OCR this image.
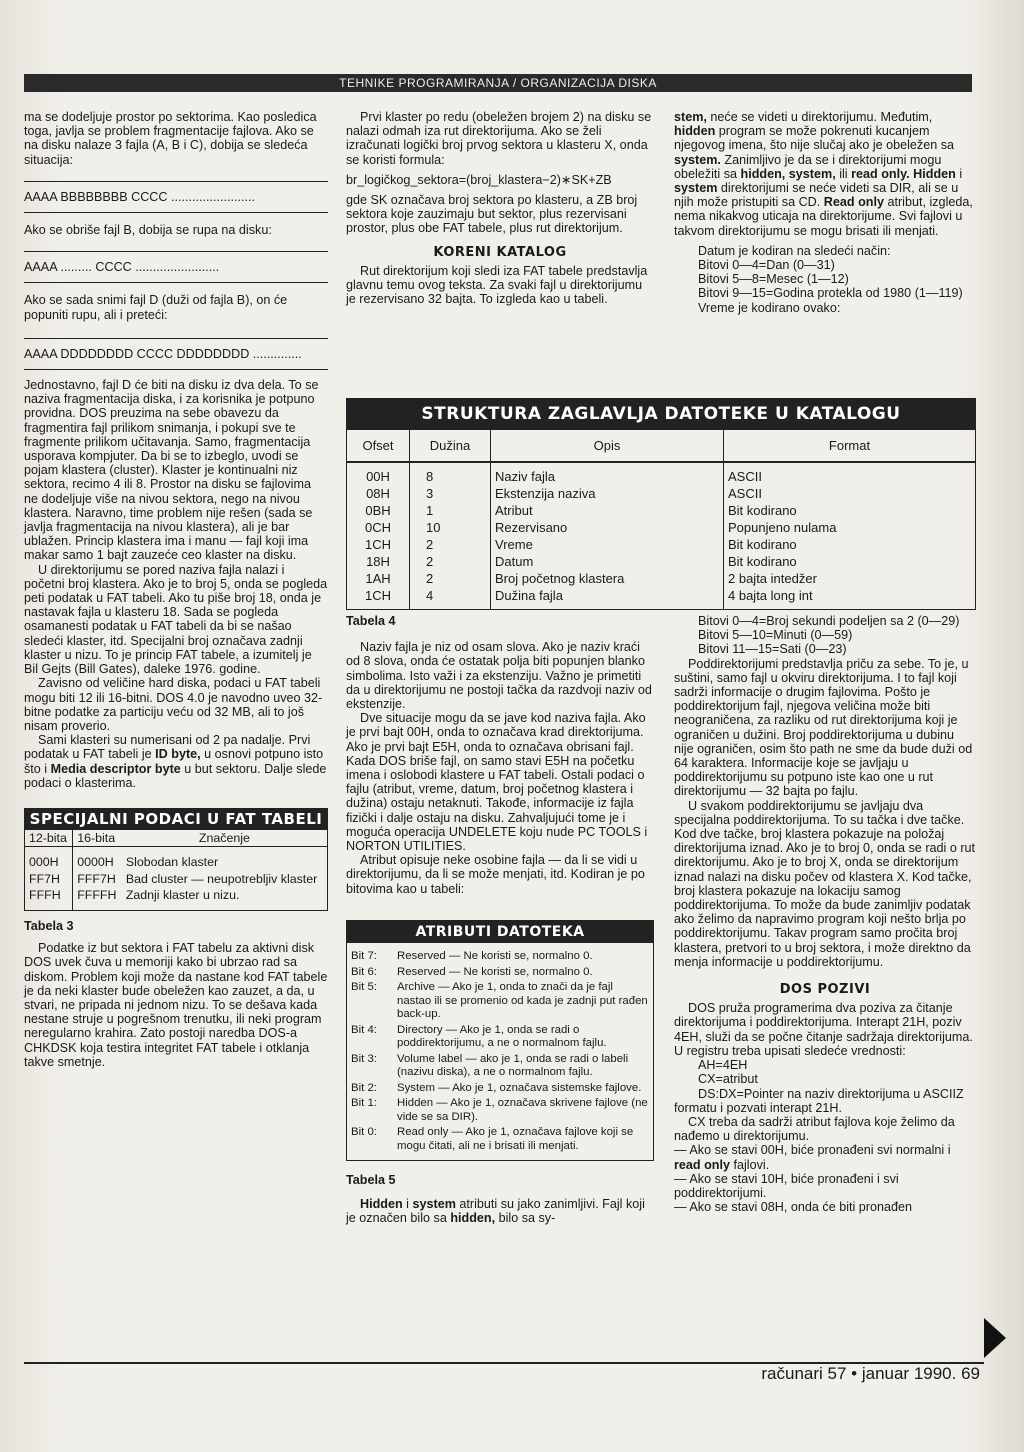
TEHNIKE PROGRAMIRANJA / ORGANIZACIJA DISKA

ma se dodeljuje prostor po sektorima. Kao posledica toga, javlja se problem fragmentacije fajlova. Ako se na disku nalaze 3 fajla (A, B i C), dobija se sledeća situacija:

AAAA BBBBBBBB CCCC ........................

Ako se obriše fajl B, dobija se rupa na disku:

AAAA ......... CCCC ........................

Ako se sada snimi fajl D (duži od fajla B), on će popuniti rupu, ali i preteći:

AAAA DDDDDDDD CCCC DDDDDDDD ..............

Jednostavno, fajl D će biti na disku iz dva dela. To se naziva fragmentacija diska, i za korisnika je potpuno providna. DOS preuzima na sebe obavezu da fragmentira fajl prilikom snimanja, i pokupi sve te fragmente prilikom učitavanja. Samo, fragmentacija usporava kompjuter. Da bi se to izbeglo, uvodi se pojam klastera (cluster). Klaster je kontinualni niz sektora, recimo 4 ili 8. Prostor na disku se fajlovima ne dodeljuje više na nivou sektora, nego na nivou klastera. Naravno, time problem nije rešen (sada se javlja fragmentacija na nivou klastera), ali je bar ublažen. Princip klastera ima i manu — fajl koji ima makar samo 1 bajt zauzeće ceo klaster na disku.

U direktorijumu se pored naziva fajla nalazi i početni broj klastera. Ako je to broj 5, onda se pogleda peti podatak u FAT tabeli. Ako tu piše broj 18, onda je nastavak fajla u klasteru 18. Sada se pogleda osamanesti podatak u FAT tabeli da bi se našao sledeći klaster, itd. Specijalni broj označava zadnji klaster u nizu. To je princip FAT tabele, a izumitelj je Bil Gejts (Bill Gates), daleke 1976. godine.

Zavisno od veličine hard diska, podaci u FAT tabeli mogu biti 12 ili 16-bitni. DOS 4.0 je navodno uveo 32-bitne podatke za particiju veću od 32 MB, ali to još nisam proverio.

Sami klasteri su numerisani od 2 pa nadalje. Prvi podatak u FAT tabeli je ID byte, u osnovi potpuno isto što i Media descriptor byte u but sektoru. Dalje slede podaci o klasterima.

SPECIJALNI PODACI U FAT TABELI
12-bita	16-bita	Značenje
000H	0000H	Slobodan klaster
FF7H	FFF7H	Bad cluster — neupotrebljiv klaster
FFFH	FFFFH	Zadnji klaster u nizu.
Tabela 3

Podatke iz but sektora i FAT tabelu za aktivni disk DOS uvek čuva u memoriji kako bi ubrzao rad sa diskom. Problem koji može da nastane kod FAT tabele je da neki klaster bude obeležen kao zauzet, a da, u stvari, ne pripada ni jednom nizu. To se dešava kada nestane struje u pogrešnom trenutku, ili neki program neregularno krahira. Zato postoji naredba DOS-a CHKDSK koja testira integritet FAT tabele i otklanja takve smetnje.

Prvi klaster po redu (obeležen brojem 2) na disku se nalazi odmah iza rut direktorijuma. Ako se želi izračunati logički broj prvog sektora u klasteru X, onda se koristi formula:

br_logičkog_sektora=(broj_klastera−2)∗SK+ZB

gde SK označava broj sektora po klasteru, a ZB broj sektora koje zauzimaju but sektor, plus rezervisani prostor, plus obe FAT tabele, plus rut direktorijum.

KORENI KATALOG

Rut direktorijum koji sledi iza FAT tabele predstavlja glavnu temu ovog teksta. Za svaki fajl u direktorijumu je rezervisano 32 bajta. To izgleda kao u tabeli.

STRUKTURA ZAGLAVLJA DATOTEKE U KATALOGU
Ofset	Dužina	Opis	Format
00H	8	Naziv fajla	ASCII
08H	3	Ekstenzija naziva	ASCII
0BH	1	Atribut	Bit kodirano
0CH	10	Rezervisano	Popunjeno nulama
1CH	2	Vreme	Bit kodirano
18H	2	Datum	Bit kodirano
1AH	2	Broj početnog klastera	2 bajta intedžer
1CH	4	Dužina fajla	4 bajta long int
Tabela 4

Naziv fajla je niz od osam slova. Ako je naziv kraći od 8 slova, onda će ostatak polja biti popunjen blanko simbolima. Isto važi i za ekstenziju. Važno je primetiti da u direktorijumu ne postoji tačka da razdvoji naziv od ekstenzije.

Dve situacije mogu da se jave kod naziva fajla. Ako je prvi bajt 00H, onda to označava krad direktorijuma. Ako je prvi bajt E5H, onda to označava obrisani fajl. Kada DOS briše fajl, on samo stavi E5H na početku imena i oslobodi klastere u FAT tabeli. Ostali podaci o fajlu (atribut, vreme, datum, broj početnog klastera i dužina) ostaju netaknuti. Takođe, informacije iz fajla fizički i dalje ostaju na disku. Zahvaljujući tome je i moguća operacija UNDELETE koju nude PC TOOLS i NORTON UTILITIES.

Atribut opisuje neke osobine fajla — da li se vidi u direktorijumu, da li se može menjati, itd. Kodiran je po bitovima kao u tabeli:

ATRIBUTI DATOTEKA
Bit 7:	Reserved — Ne koristi se, normalno 0.
Bit 6:	Reserved — Ne koristi se, normalno 0.
Bit 5:	Archive — Ako je 1, onda to znači da je fajl nastao ili se promenio od kada je zadnji put rađen back-up.
Bit 4:	Directory — Ako je 1, onda se radi o poddirektorijumu, a ne o normalnom fajlu.
Bit 3:	Volume label — ako je 1, onda se radi o labeli (nazivu diska), a ne o normalnom fajlu.
Bit 2:	System — Ako je 1, označava sistemske fajlove.
Bit 1:	Hidden — Ako je 1, označava skrivene fajlove (ne vide se sa DIR).
Bit 0:	Read only — Ako je 1, označava fajlove koji se mogu čitati, ali ne i brisati ili menjati.
Tabela 5

Hidden i system atributi su jako zanimljivi. Fajl koji je označen bilo sa hidden, bilo sa sy-

stem, neće se videti u direktorijumu. Međutim, hidden program se može pokrenuti kucanjem njegovog imena, što nije slučaj ako je obeležen sa system. Zanimljivo je da se i direktorijumi mogu obeležiti sa hidden, system, ili read only. Hidden i system direktorijumi se neće videti sa DIR, ali se u njih može pristupiti sa CD. Read only atribut, izgleda, nema nikakvog uticaja na direktorijume. Svi fajlovi u takvom direktorijumu se mogu brisati ili menjati.

Datum je kodiran na sledeći način:

Bitovi 0—4=Dan (0—31)

Bitovi 5—8=Mesec (1—12)

Bitovi 9—15=Godina protekla od 1980 (1—119)

Vreme je kodirano ovako:

Bitovi 0—4=Broj sekundi podeljen sa 2 (0—29)

Bitovi 5—10=Minuti (0—59)

Bitovi 11—15=Sati (0—23)

Poddirektorijumi predstavlja priču za sebe. To je, u suštini, samo fajl u okviru direktorijuma. I to fajl koji sadrži informacije o drugim fajlovima. Pošto je poddirektorijum fajl, njegova veličina može biti neograničena, za razliku od rut direktorijuma koji je ograničen u dužini. Broj poddirektorijuma u dubinu nije ograničen, osim što path ne sme da bude duži od 64 karaktera. Informacije koje se javljaju u poddirektorijumu su potpuno iste kao one u rut direktorijumu — 32 bajta po fajlu.

U svakom poddirektorijumu se javljaju dva specijalna poddirektorijuma. To su tačka i dve tačke. Kod dve tačke, broj klastera pokazuje na položaj direktorijuma iznad. Ako je to broj 0, onda se radi o rut direktorijumu. Ako je to broj X, onda se direktorijum iznad nalazi na disku počev od klastera X. Kod tačke, broj klastera pokazuje na lokaciju samog poddirektorijuma. To može da bude zanimljiv podatak ako želimo da napravimo program koji nešto brlja po poddirektorijumu. Takav program samo pročita broj klastera, pretvori to u broj sektora, i može direktno da menja informacije u poddirektorijumu.

DOS POZIVI

DOS pruža programerima dva poziva za čitanje direktorijuma i poddirektorijuma. Interapt 21H, poziv 4EH, služi da se počne čitanje sadržaja direktorijuma. U registru treba upisati sledeće vrednosti:

AH=4EH

CX=atribut

DS:DX=Pointer na naziv direktorijuma u ASCIIZ formatu i pozvati interapt 21H.

CX treba da sadrži atribut fajlova koje želimo da nađemo u direktorijumu.

— Ako se stavi 00H, biće pronađeni svi normalni i read only fajlovi.

— Ako se stavi 10H, biće pronađeni i svi poddirektorijumi.

— Ako se stavi 08H, onda će biti pronađen

računari 57 • januar 1990. 69
